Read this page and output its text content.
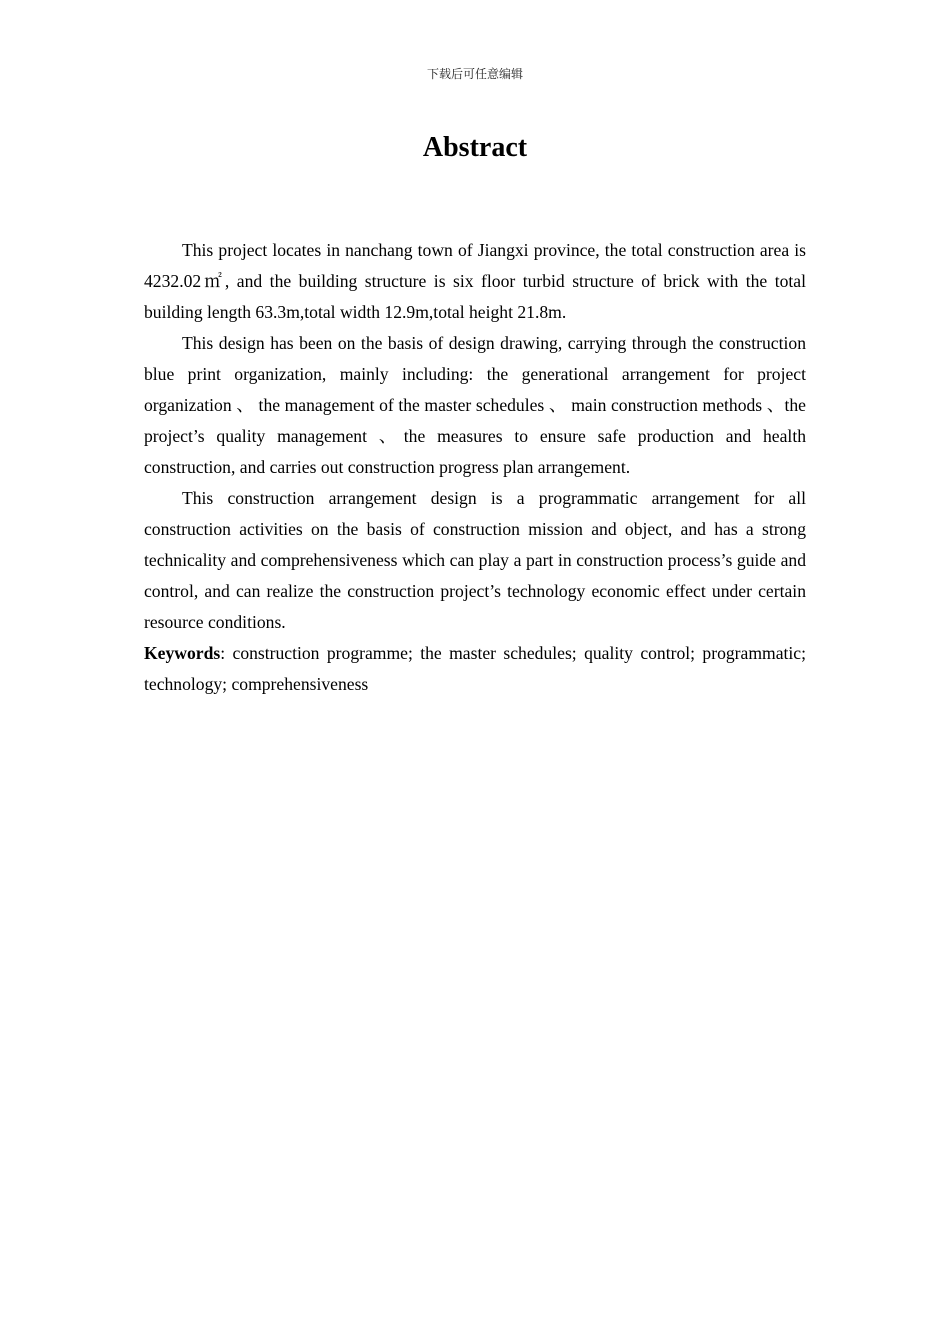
下载后可任意编辑
Abstract

This project locates in nanchang town of Jiangxi province, the total construction area is 4232.02㎡, and the building structure is six floor turbid structure of brick with the total building length 63.3m,total width 12.9m,total height 21.8m.

This design has been on the basis of design drawing, carrying through the construction blue print organization, mainly including: the generational arrangement for project organization 、 the management of the master schedules 、 main construction methods 、the project’s quality management 、the measures to ensure safe production and health construction, and carries out construction progress plan arrangement.

This construction arrangement design is a programmatic arrangement for all construction activities on the basis of construction mission and object, and has a strong technicality and comprehensiveness which can play a part in construction process’s guide and control, and can realize the construction project’s technology economic effect under certain resource conditions.

Keywords: construction programme; the master schedules; quality control; programmatic; technology; comprehensiveness
